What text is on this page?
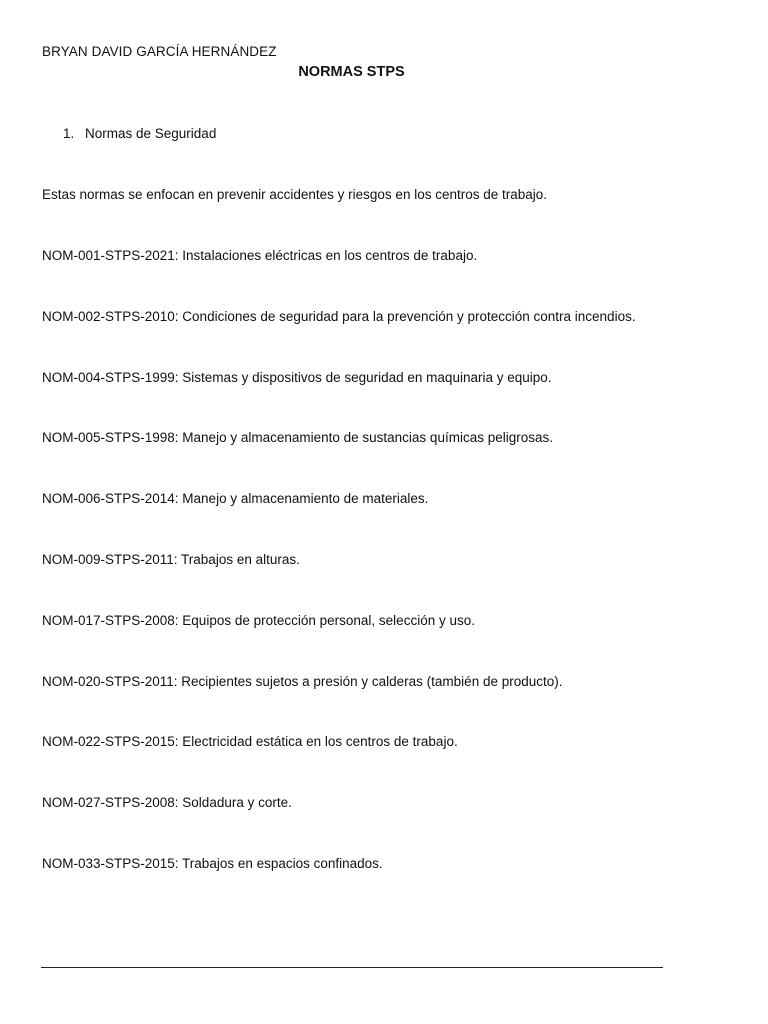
BRYAN DAVID GARCÍA HERNÁNDEZ
NORMAS STPS
1. Normas de Seguridad
Estas normas se enfocan en prevenir accidentes y riesgos en los centros de trabajo.
NOM-001-STPS-2021: Instalaciones eléctricas en los centros de trabajo.
NOM-002-STPS-2010: Condiciones de seguridad para la prevención y protección contra incendios.
NOM-004-STPS-1999: Sistemas y dispositivos de seguridad en maquinaria y equipo.
NOM-005-STPS-1998: Manejo y almacenamiento de sustancias químicas peligrosas.
NOM-006-STPS-2014: Manejo y almacenamiento de materiales.
NOM-009-STPS-2011: Trabajos en alturas.
NOM-017-STPS-2008: Equipos de protección personal, selección y uso.
NOM-020-STPS-2011: Recipientes sujetos a presión y calderas (también de producto).
NOM-022-STPS-2015: Electricidad estática en los centros de trabajo.
NOM-027-STPS-2008: Soldadura y corte.
NOM-033-STPS-2015: Trabajos en espacios confinados.
